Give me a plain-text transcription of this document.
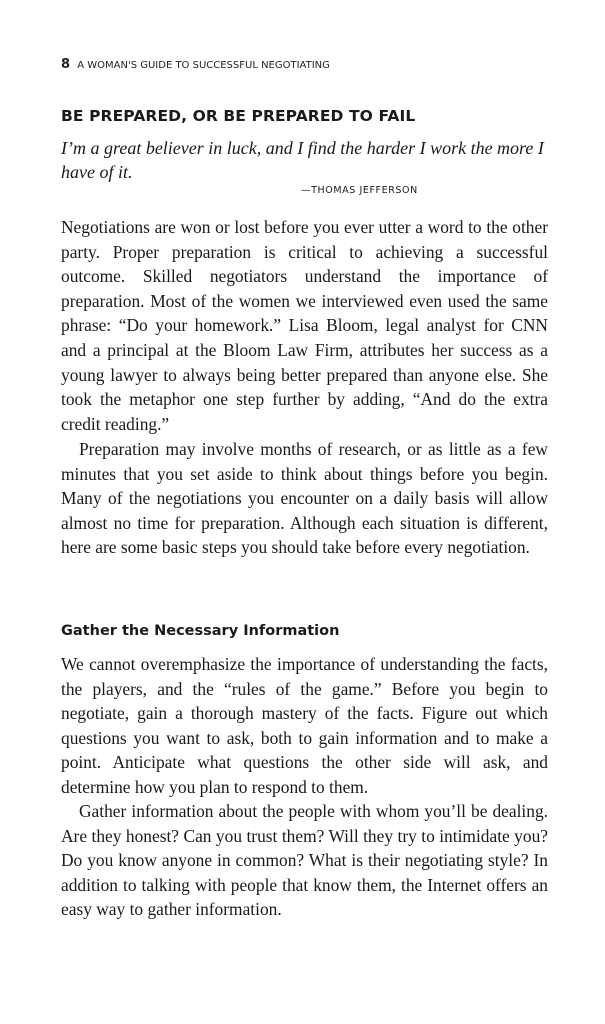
8 A WOMAN'S GUIDE TO SUCCESSFUL NEGOTIATING
BE PREPARED, OR BE PREPARED TO FAIL

I’m a great believer in luck, and I find the harder I work the more I have of it.

—THOMAS JEFFERSON

Negotiations are won or lost before you ever utter a word to the other party. Proper preparation is critical to achieving a successful outcome. Skilled negotiators understand the importance of preparation. Most of the women we interviewed even used the same phrase: “Do your homework.” Lisa Bloom, legal analyst for CNN and a principal at the Bloom Law Firm, attributes her success as a young lawyer to always being better prepared than anyone else. She took the metaphor one step further by adding, “And do the extra credit reading.”

Preparation may involve months of research, or as little as a few minutes that you set aside to think about things before you begin. Many of the negotiations you encounter on a daily basis will allow almost no time for preparation. Although each situation is different, here are some basic steps you should take before every negotiation.

Gather the Necessary Information

We cannot overemphasize the importance of understanding the facts, the players, and the “rules of the game.” Before you begin to negotiate, gain a thorough mastery of the facts. Figure out which questions you want to ask, both to gain information and to make a point. Anticipate what questions the other side will ask, and determine how you plan to respond to them.

Gather information about the people with whom you’ll be dealing. Are they honest? Can you trust them? Will they try to intimidate you? Do you know anyone in common? What is their negotiating style? In addition to talking with people that know them, the Internet offers an easy way to gather information.
